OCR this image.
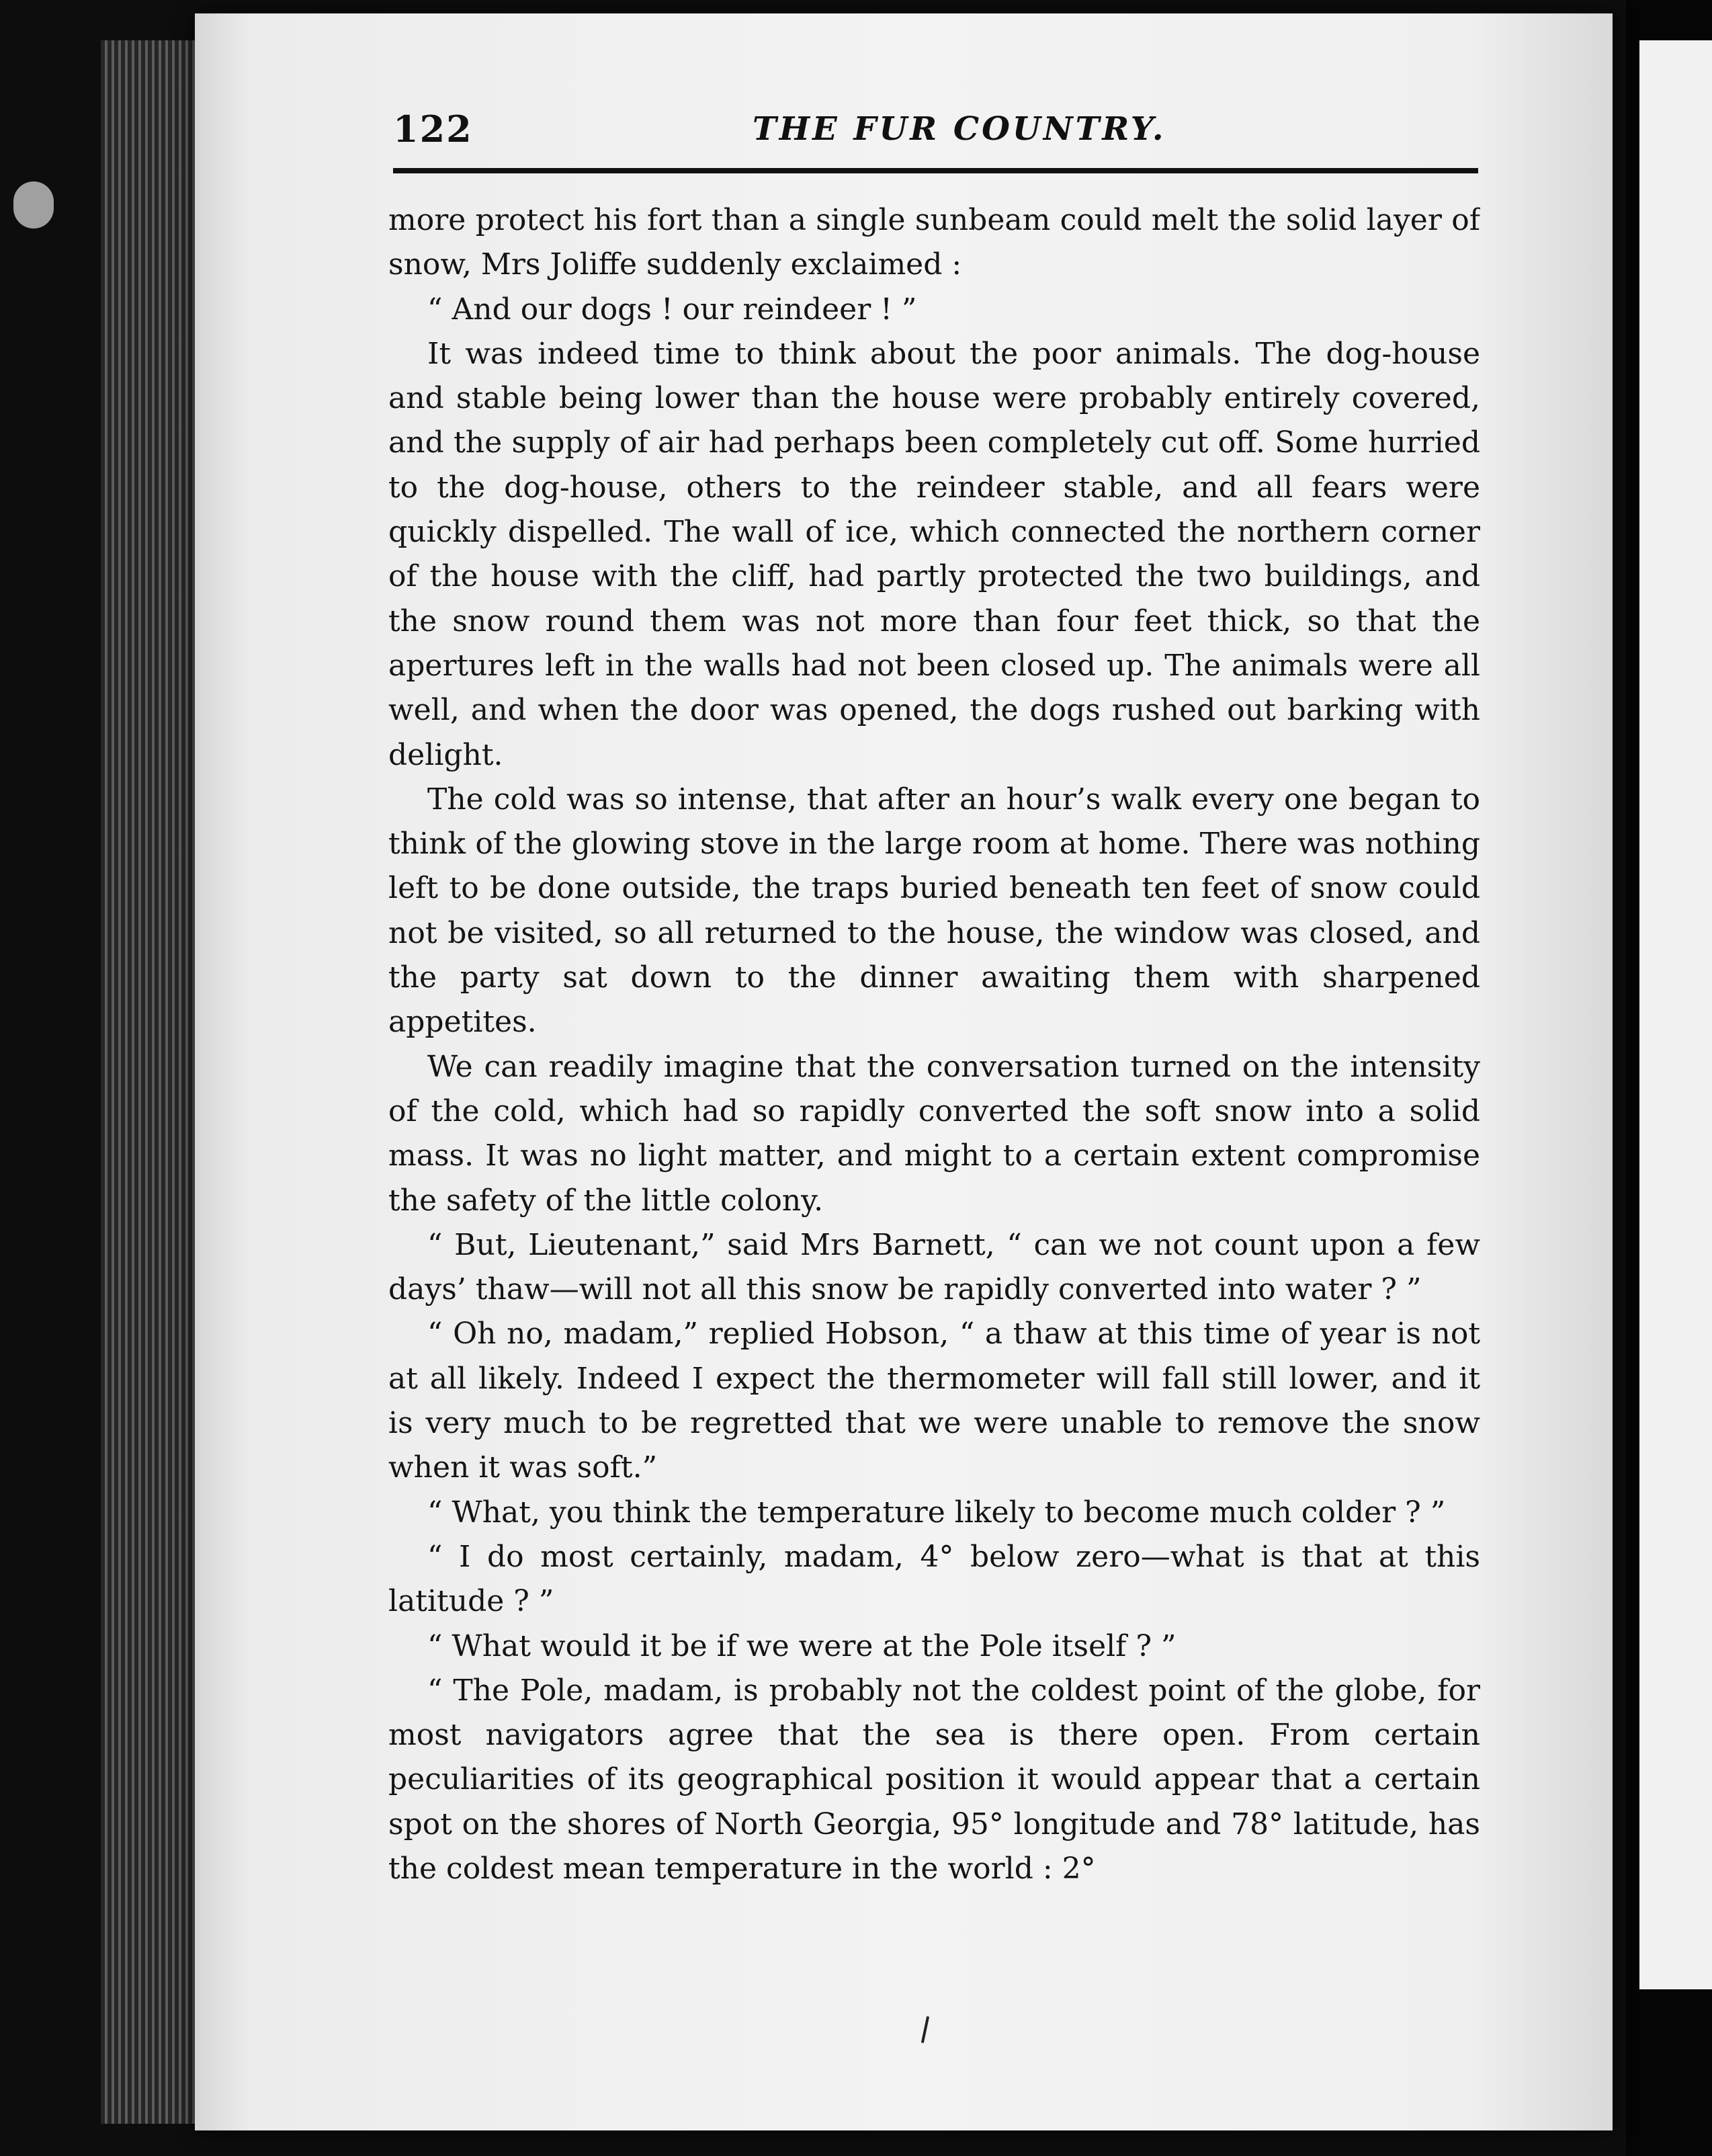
122	THE FUR COUNTRY.

more protect his fort than a single sunbeam could melt the solid layer of snow, Mrs Joliffe suddenly exclaimed :

“ And our dogs ! our reindeer ! ”

It was indeed time to think about the poor animals. The dog-house and stable being lower than the house were probably entirely covered, and the supply of air had perhaps been completely cut off. Some hurried to the dog-house, others to the reindeer stable, and all fears were quickly dispelled. The wall of ice, which connected the northern corner of the house with the cliff, had partly protected the two buildings, and the snow round them was not more than four feet thick, so that the apertures left in the walls had not been closed up. The animals were all well, and when the door was opened, the dogs rushed out barking with delight.

The cold was so intense, that after an hour’s walk every one began to think of the glowing stove in the large room at home. There was nothing left to be done outside, the traps buried beneath ten feet of snow could not be visited, so all returned to the house, the window was closed, and the party sat down to the dinner awaiting them with sharpened appetites.

We can readily imagine that the conversation turned on the intensity of the cold, which had so rapidly converted the soft snow into a solid mass. It was no light matter, and might to a certain extent compromise the safety of the little colony.

“ But, Lieutenant,” said Mrs Barnett, “ can we not count upon a few days’ thaw—will not all this snow be rapidly converted into water ? ”

“ Oh no, madam,” replied Hobson, “ a thaw at this time of year is not at all likely. Indeed I expect the thermometer will fall still lower, and it is very much to be regretted that we were unable to remove the snow when it was soft.”

“ What, you think the temperature likely to become much colder ? ”

“ I do most certainly, madam, 4° below zero—what is that at this latitude ? ”

“ What would it be if we were at the Pole itself ? ”

“ The Pole, madam, is probably not the coldest point of the globe, for most navigators agree that the sea is there open. From certain peculiarities of its geographical position it would appear that a certain spot on the shores of North Georgia, 95° longitude and 78° latitude, has the coldest mean temperature in the world : 2°
